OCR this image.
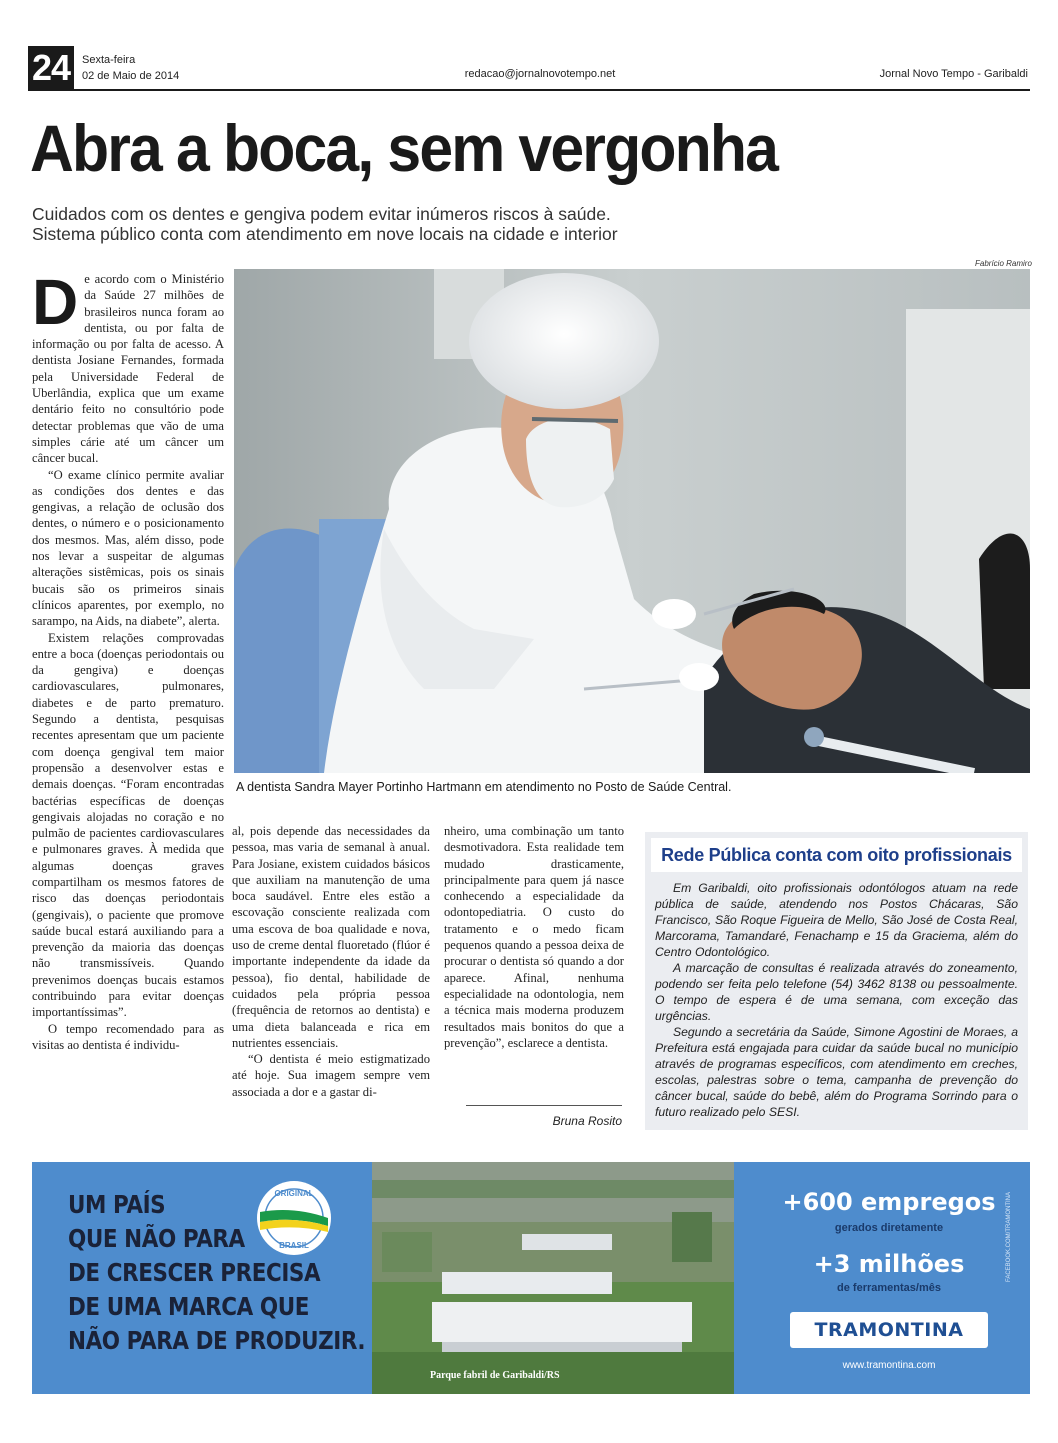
24	Sexta-feira
02 de Maio de 2014	redacao@jornalnovotempo.net	Jornal Novo Tempo - Garibaldi
Abra a boca, sem vergonha
Cuidados com os dentes e gengiva podem evitar inúmeros riscos à saúde.
Sistema público conta com atendimento em nove locais na cidade e interior
D e acordo com o Ministério da Saúde 27 milhões de brasileiros nunca foram ao dentista, ou por falta de informação ou por falta de acesso. A dentista Josiane Fernandes, formada pela Universidade Federal de Uberlândia, explica que um exame dentário feito no consultório pode detectar problemas que vão de uma simples cárie até um câncer um câncer bucal.

“O exame clínico permite avaliar as condições dos dentes e das gengivas, a relação de oclusão dos dentes, o número e o posicionamento dos mesmos. Mas, além disso, pode nos levar a suspeitar de algumas alterações sistêmicas, pois os sinais bucais são os primeiros sinais clínicos aparentes, por exemplo, no sarampo, na Aids, na diabete”, alerta.

Existem relações comprovadas entre a boca (doenças periodontais ou da gengiva) e doenças cardiovasculares, pulmonares, diabetes e de parto prematuro. Segundo a dentista, pesquisas recentes apresentam que um paciente com doença gengival tem maior propensão a desenvolver estas e demais doenças. “Foram encontradas bactérias específicas de doenças gengivais alojadas no coração e no pulmão de pacientes cardiovasculares e pulmonares graves. À medida que algumas doenças graves compartilham os mesmos fatores de risco das doenças periodontais (gengivais), o paciente que promove saúde bucal estará auxiliando para a prevenção da maioria das doenças não transmissíveis. Quando prevenimos doenças bucais estamos contribuindo para evitar doenças importantíssimas”.

O tempo recomendado para as visitas ao dentista é individu-

Fabrício Ramiro
A dentista Sandra Mayer Portinho Hartmann em atendimento no Posto de Saúde Central.

al, pois depende das necessidades da pessoa, mas varia de semanal à anual. Para Josiane, existem cuidados básicos que auxiliam na manutenção de uma boca saudável. Entre eles estão a escovação consciente realizada com uma escova de boa qualidade e nova, uso de creme dental fluoretado (flúor é importante independente da idade da pessoa), fio dental, habilidade de cuidados pela própria pessoa (frequência de retornos ao dentista) e uma dieta balanceada e rica em nutrientes essenciais.

“O dentista é meio estigmatizado até hoje. Sua imagem sempre vem associada a dor e a gastar di-

nheiro, uma combinação um tanto desmotivadora. Esta realidade tem mudado drasticamente, principalmente para quem já nasce conhecendo a especialidade da odontopediatria. O custo do tratamento e o medo ficam pequenos quando a pessoa deixa de procurar o dentista só quando a dor aparece. Afinal, nenhuma especialidade na odontologia, nem a técnica mais moderna produzem resultados mais bonitos do que a prevenção”, esclarece a dentista.

Bruna Rosito
Rede Pública conta com oito profissionais

Em Garibaldi, oito profissionais odontólogos atuam na rede pública de saúde, atendendo nos Postos Chácaras, São Francisco, São Roque Figueira de Mello, São José de Costa Real, Marcorama, Tamandaré, Fenachamp e 15 da Graciema, além do Centro Odontológico.

A marcação de consultas é realizada através do zoneamento, podendo ser feita pelo telefone (54) 3462 8138 ou pessoalmente. O tempo de espera é de uma semana, com exceção das urgências.

Segundo a secretária da Saúde, Simone Agostini de Moraes, a Prefeitura está engajada para cuidar da saúde bucal no município através de programas específicos, com atendimento em creches, escolas, palestras sobre o tema, campanha de prevenção do câncer bucal, saúde do bebê, além do Programa Sorrindo para o futuro realizado pelo SESI.

UM PAÍS
QUE NÃO PARA
DE CRESCER PRECISA
DE UMA MARCA QUE
NÃO PARA DE PRODUZIR.
ORIGINAL
BRASIL
Parque fabril de Garibaldi/RS
+600 empregos
gerados diretamente
+3 milhões
de ferramentas/mês
TRAMONTINA
www.tramontina.com
FACEBOOK.COM/TRAMONTINA
